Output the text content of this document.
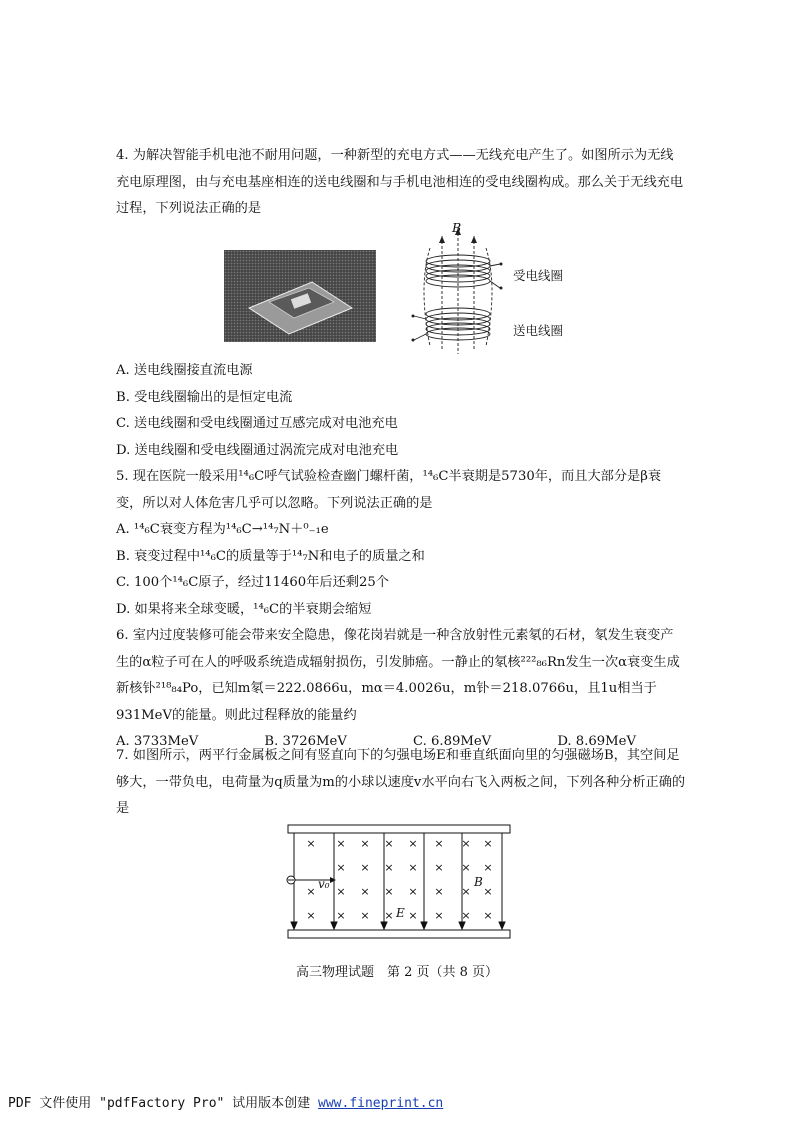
4. 为解决智能手机电池不耐用问题，一种新型的充电方式——无线充电产生了。如图所示为无线充电原理图，由与充电基座相连的送电线圈和与手机电池相连的受电线圈构成。那么关于无线充电过程，下列说法正确的是
B
受电线圈
送电线圈
A. 送电线圈接直流电源
B. 受电线圈输出的是恒定电流
C. 送电线圈和受电线圈通过互感完成对电池充电
D. 送电线圈和受电线圈通过涡流完成对电池充电
5. 现在医院一般采用¹⁴₆C呼气试验检查幽门螺杆菌，¹⁴₆C半衰期是5730年，而且大部分是β衰变，所以对人体危害几乎可以忽略。下列说法正确的是
A. ¹⁴₆C衰变方程为¹⁴₆C→¹⁴₇N＋⁰₋₁e
B. 衰变过程中¹⁴₆C的质量等于¹⁴₇N和电子的质量之和
C. 100个¹⁴₆C原子，经过11460年后还剩25个
D. 如果将来全球变暖，¹⁴₆C的半衰期会缩短
6. 室内过度装修可能会带来安全隐患，像花岗岩就是一种含放射性元素氡的石材，氡发生衰变产生的α粒子可在人的呼吸系统造成辐射损伤，引发肺癌。一静止的氡核²²²₈₆Rn发生一次α衰变生成新核钋²¹⁸₈₄Po，已知m氡＝222.0866u，mα＝4.0026u，m钋＝218.0766u，且1u相当于931MeV的能量。则此过程释放的能量约
A. 3733MeV	B. 3726MeV	C. 6.89MeV	D. 8.69MeV
7. 如图所示，两平行金属板之间有竖直向下的匀强电场E和垂直纸面向里的匀强磁场B，其空间足够大，一带负电，电荷量为q质量为m的小球以速度v水平向右飞入两板之间，下列各种分析正确的是
× × × × × × × ×
× × × × × × ×
× × × × × × × ×
× × × × × × × ×
v₀	B
E
高三物理试题　第 2 页（共 8 页）
PDF 文件使用 "pdfFactory Pro" 试用版本创建 www.fineprint.cn
